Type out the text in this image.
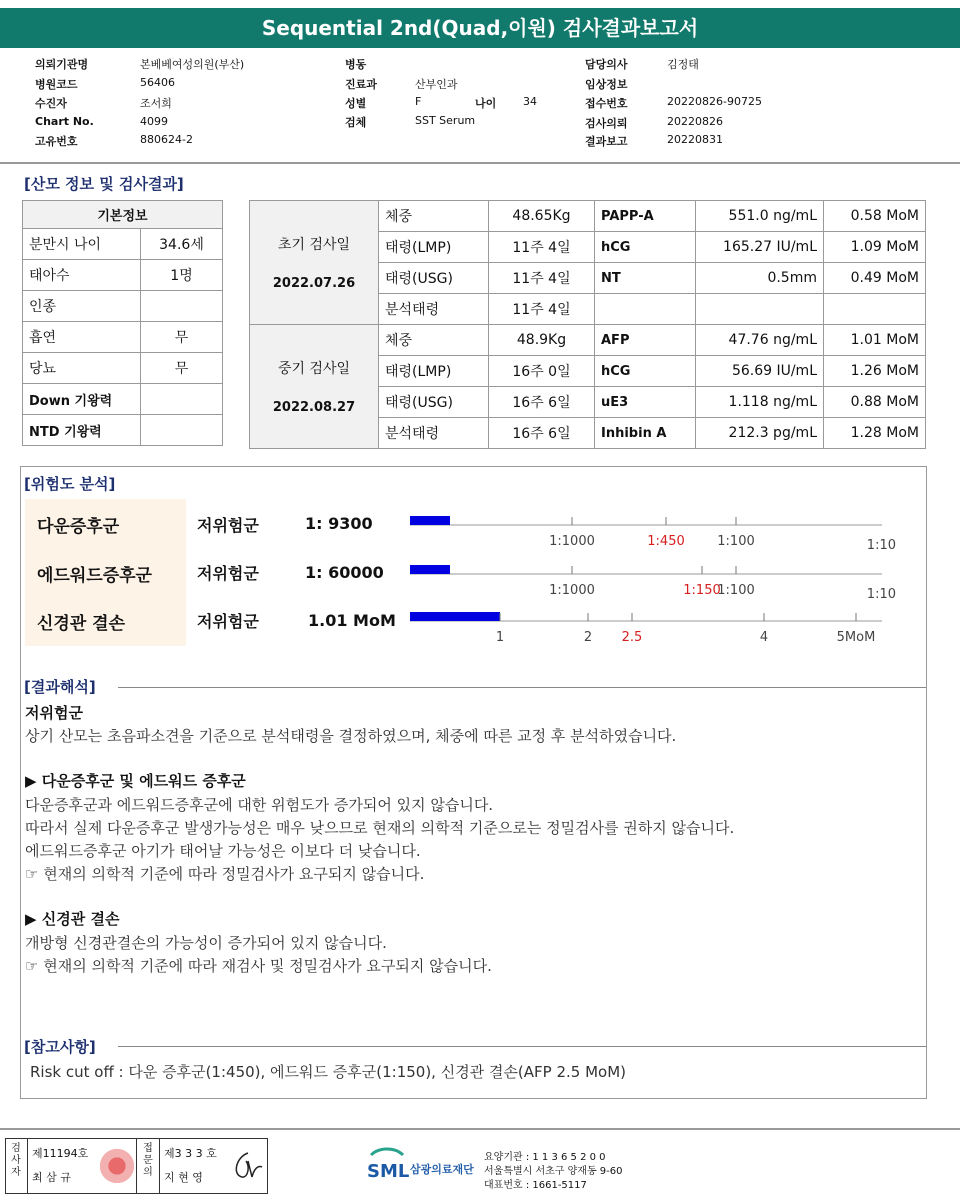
Sequential 2nd(Quad,이원) 검사결과보고서
의뢰기관명	본베베여성의원(부산)
병원코드	56406
수진자	조서희
Chart No.	4099
고유번호	880624-2
병동
진료과	산부인과
성별	F	나이 34
검체	SST Serum
담당의사	김정태
임상정보
접수번호	20220826-90725
검사의뢰	20220826
결과보고	20220831
[산모 정보 및 검사결과]
기본정보	
분만시 나이	34.6세
태아수	1명
인종	
흡연	무
당뇨	무
Down 기왕력	
NTD 기왕력	
초기 검사일
2022.07.26	체중	48.65Kg	PAPP-A	551.0 ng/mL	0.58 MoM
	태령(LMP)	11주 4일	hCG	165.27 IU/mL	1.09 MoM
	태령(USG)	11주 4일	NT	0.5mm	0.49 MoM
	분석태령	11주 4일			

중기 검사일
2022.08.27	체중	48.9Kg	AFP	47.76 ng/mL	1.01 MoM
	태령(LMP)	16주 0일	hCG	56.69 IU/mL	1.26 MoM
	태령(USG)	16주 6일	uE3	1.118 ng/mL	0.88 MoM
	분석태령	16주 6일	Inhibin A	212.3 pg/mL	1.28 MoM
[위험도 분석]
다운증후군	저위험군	1: 9300
에드워드증후군	저위험군	1: 60000
신경관 결손	저위험군	1.01 MoM
1:1000	1:450	1:100	1:10
1:1000	1:150
1:100	1:10
1	2 2.5	4	5MoM
[결과해석]
저위험군
상기 산모는 초음파소견을 기준으로 분석태령을 결정하였으며, 체중에 따른 교정 후 분석하였습니다.
▶ 다운증후군 및 에드워드 증후군
다운증후군과 에드워드증후군에 대한 위험도가 증가되어 있지 않습니다.
따라서 실제 다운증후군 발생가능성은 매우 낮으므로 현재의 의학적 기준으로는 정밀검사를 권하지 않습니다.
에드워드증후군 아기가 태어날 가능성은 이보다 더 낮습니다.
☞ 현재의 의학적 기준에 따라 정밀검사가 요구되지 않습니다.
▶ 신경관 결손
개방형 신경관결손의 가능성이 증가되어 있지 않습니다.
☞ 현재의 의학적 기준에 따라 재검사 및 정밀검사가 요구되지 않습니다.
[참고사항]
Risk cut off : 다운 증후군(1:450), 에드워드 증후군(1:150), 신경관 결손(AFP 2.5 MoM)
검사자
제11194호
최 삼 규
접문의
제3 3 3 호
지 현 영	SML 삼광의료재단
요양기관 : 1 1 3 6 5 2 0 0
서울특별시 서초구 양재동 9-60
대표번호 : 1661-5117
